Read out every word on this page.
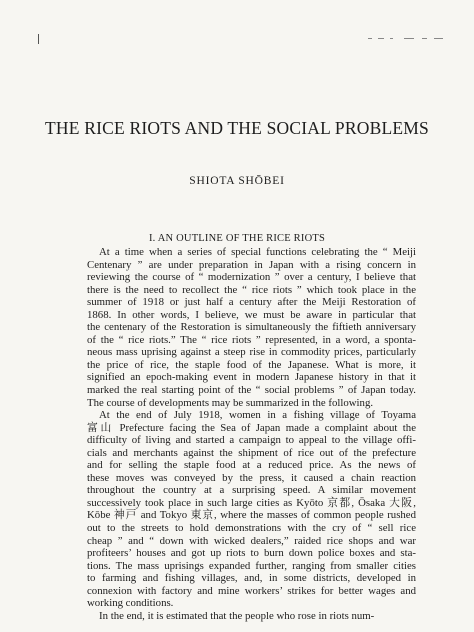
THE RICE RIOTS AND THE SOCIAL PROBLEMS
SHIOTA SHŌBEI
I. AN OUTLINE OF THE RICE RIOTS
At a time when a series of special functions celebrating the “ Meiji
Centenary ” are under preparation in Japan with a rising concern in
reviewing the course of “ modernization ” over a century, I believe that
there is the need to recollect the “ rice riots ” which took place in the
summer of 1918 or just half a century after the Meiji Restoration of
1868. In other words, I believe, we must be aware in particular that
the centenary of the Restoration is simultaneously the fiftieth anniversary
of the “ rice riots.” The “ rice riots ” represented, in a word, a sponta-
neous mass uprising against a steep rise in commodity prices, particularly
the price of rice, the staple food of the Japanese. What is more, it
signified an epoch-making event in modern Japanese history in that it
marked the real starting point of the “ social problems ” of Japan today.
The course of developments may be summarized in the following.
At the end of July 1918, women in a fishing village of Toyama
富山 Prefecture facing the Sea of Japan made a complaint about the
difficulty of living and started a campaign to appeal to the village offi-
cials and merchants against the shipment of rice out of the prefecture
and for selling the staple food at a reduced price. As the news of
these moves was conveyed by the press, it caused a chain reaction
throughout the country at a surprising speed. A similar movement
successively took place in such large cities as Kyōto 京都, Ōsaka 大阪,
Kōbe 神戸 and Tokyo 東京, where the masses of common people rushed
out to the streets to hold demonstrations with the cry of “ sell rice
cheap ” and “ down with wicked dealers,” raided rice shops and war
profiteers’ houses and got up riots to burn down police boxes and sta-
tions. The mass uprisings expanded further, ranging from smaller cities
to farming and fishing villages, and, in some districts, developed in
connexion with factory and mine workers’ strikes for better wages and
working conditions.
In the end, it is estimated that the people who rose in riots num-
